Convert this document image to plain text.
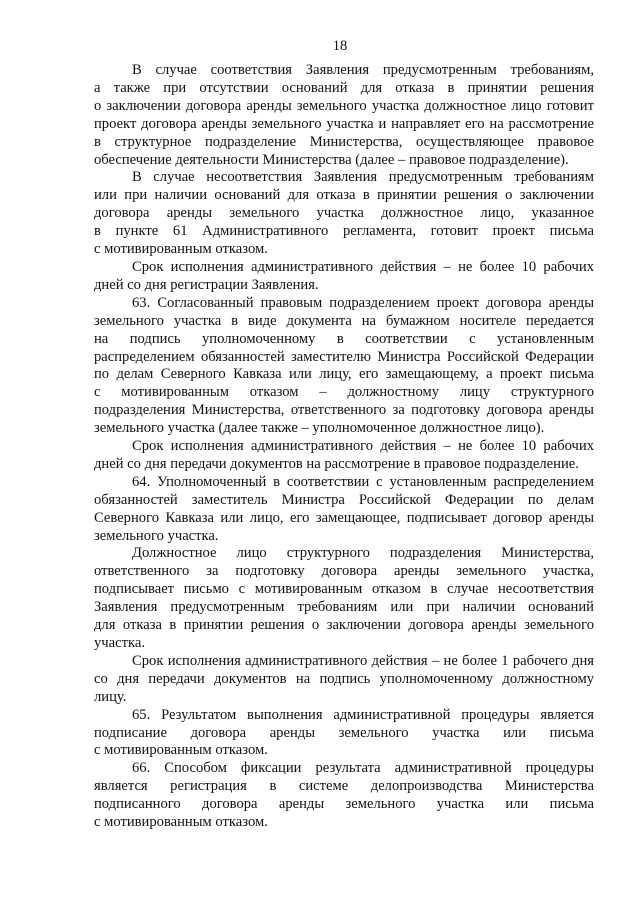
18
В случае соответствия Заявления предусмотренным требованиям,
а также при отсутствии оснований для отказа в принятии решения
о заключении договора аренды земельного участка должностное лицо готовит
проект договора аренды земельного участка и направляет его на рассмотрение
в структурное подразделение Министерства, осуществляющее правовое
обеспечение деятельности Министерства (далее – правовое подразделение).
В случае несоответствия Заявления предусмотренным требованиям
или при наличии оснований для отказа в принятии решения о заключении
договора аренды земельного участка должностное лицо, указанное
в пункте 61 Административного регламента, готовит проект письма
с мотивированным отказом.
Срок исполнения административного действия – не более 10 рабочих
дней со дня регистрации Заявления.
63. Согласованный правовым подразделением проект договора аренды
земельного участка в виде документа на бумажном носителе передается
на подпись уполномоченному в соответствии с установленным
распределением обязанностей заместителю Министра Российской Федерации
по делам Северного Кавказа или лицу, его замещающему, а проект письма
с мотивированным отказом – должностному лицу структурного
подразделения Министерства, ответственного за подготовку договора аренды
земельного участка (далее также – уполномоченное должностное лицо).
Срок исполнения административного действия – не более 10 рабочих
дней со дня передачи документов на рассмотрение в правовое подразделение.
64. Уполномоченный в соответствии с установленным распределением
обязанностей заместитель Министра Российской Федерации по делам
Северного Кавказа или лицо, его замещающее, подписывает договор аренды
земельного участка.
Должностное лицо структурного подразделения Министерства,
ответственного за подготовку договора аренды земельного участка,
подписывает письмо с мотивированным отказом в случае несоответствия
Заявления предусмотренным требованиям или при наличии оснований
для отказа в принятии решения о заключении договора аренды земельного
участка.
Срок исполнения административного действия – не более 1 рабочего дня
со дня передачи документов на подпись уполномоченному должностному
лицу.
65. Результатом выполнения административной процедуры является
подписание договора аренды земельного участка или письма
с мотивированным отказом.
66. Способом фиксации результата административной процедуры
является регистрация в системе делопроизводства Министерства
подписанного договора аренды земельного участка или письма
с мотивированным отказом.
